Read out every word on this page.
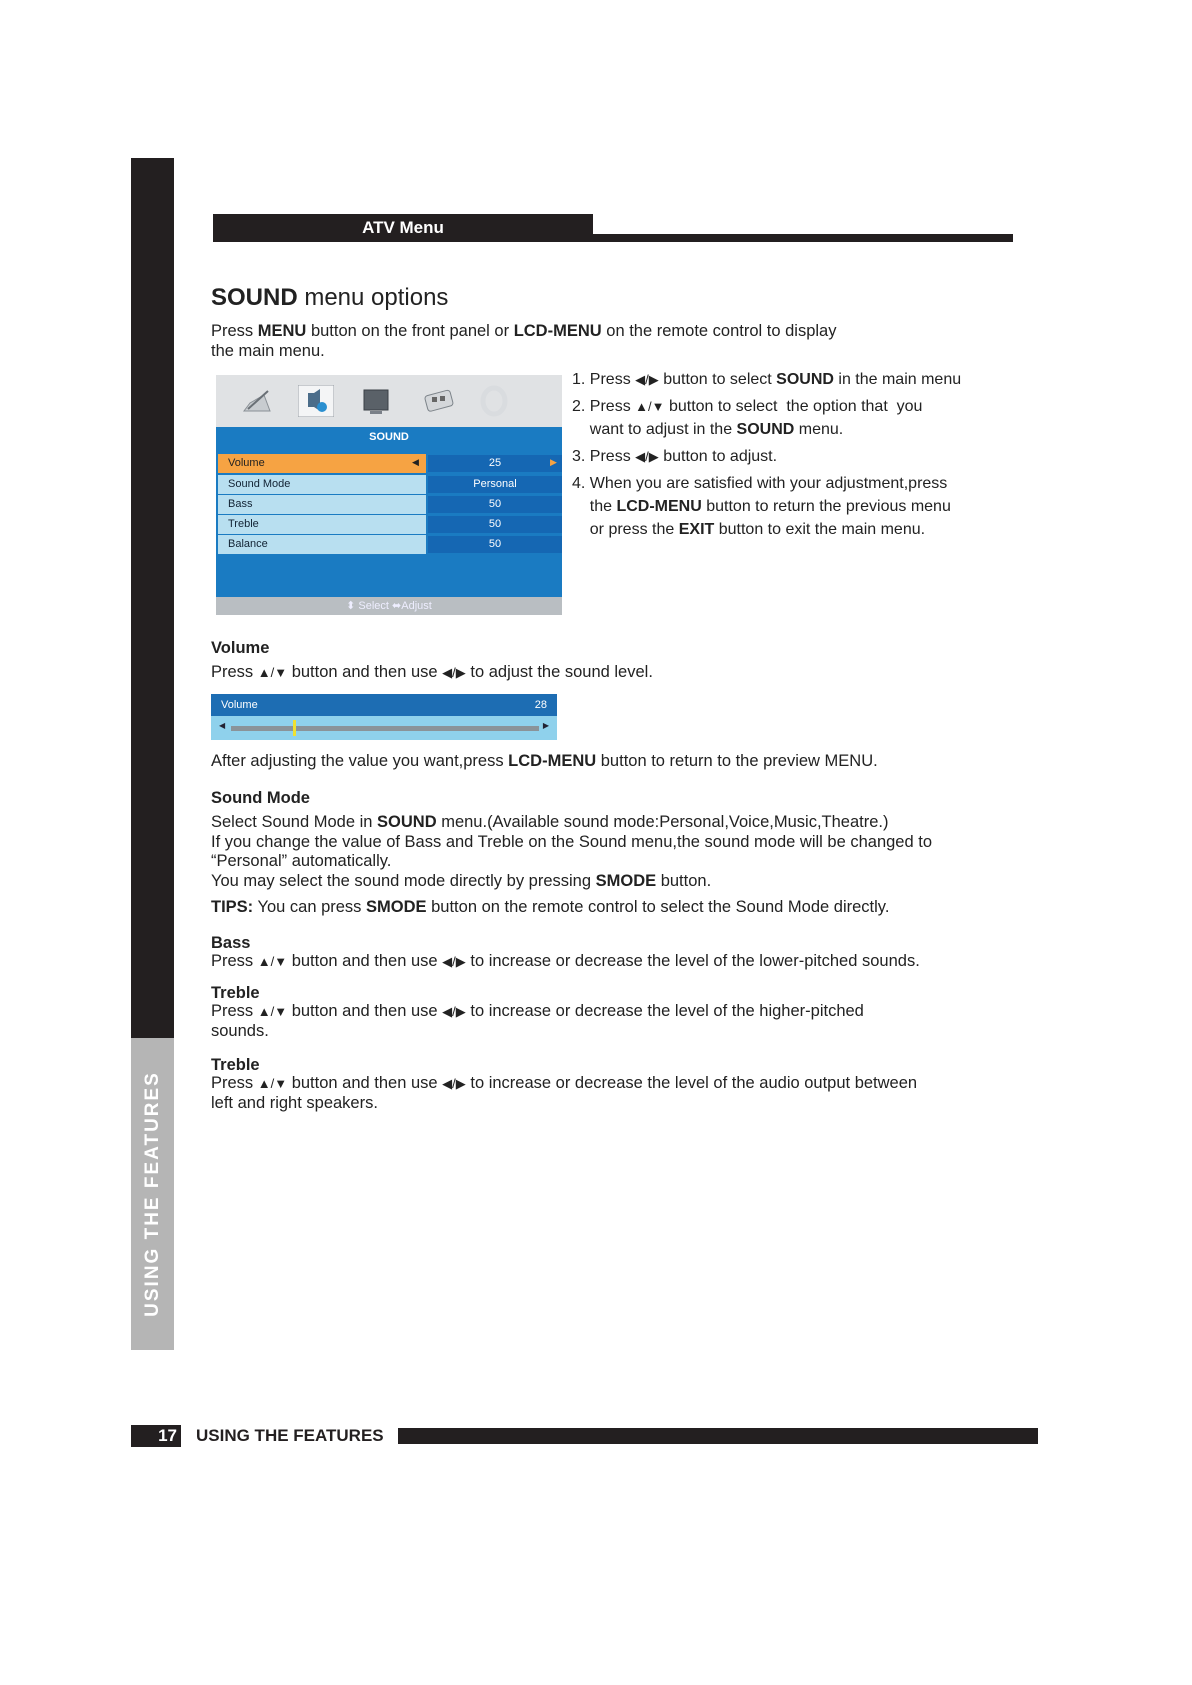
USING THE FEATURES
ATV Menu
SOUND menu options
Press MENU button on the front panel or LCD-MENU on the remote control to display
the main menu.
SOUND
Volume	25
◀	▶
Sound Mode	Personal
Bass	50
Treble	50
Balance	50
⬍ Select ⬌Adjust
1. Press ◀/▶ button to select SOUND in the main menu
2. Press ▲/▼ button to select  the option that  you
want to adjust in the SOUND menu.
3. Press ◀/▶ button to adjust.
4. When you are satisfied with your adjustment,press
the LCD-MENU button to return the previous menu
or press the EXIT button to exit the main menu.
Volume
Press ▲/▼ button and then use ◀/▶ to adjust the sound level.
Volume	28
◀	▶
After adjusting the value you want,press LCD-MENU button to return to the preview MENU.
Sound Mode
Select Sound Mode in SOUND menu.(Available sound mode:Personal,Voice,Music,Theatre.)
If you change the value of Bass and Treble on the Sound menu,the sound mode will be changed to
“Personal” automatically.
You may select the sound mode directly by pressing SMODE button.
TIPS: You can press SMODE button on the remote control to select the Sound Mode directly.
Bass
Press ▲/▼ button and then use ◀/▶ to increase or decrease the level of the lower-pitched sounds.
Treble
Press ▲/▼ button and then use ◀/▶ to increase or decrease the level of the higher-pitched
sounds.
Treble
Press ▲/▼ button and then use ◀/▶ to increase or decrease the level of the audio output between
left and right speakers.
17 USING THE FEATURES
